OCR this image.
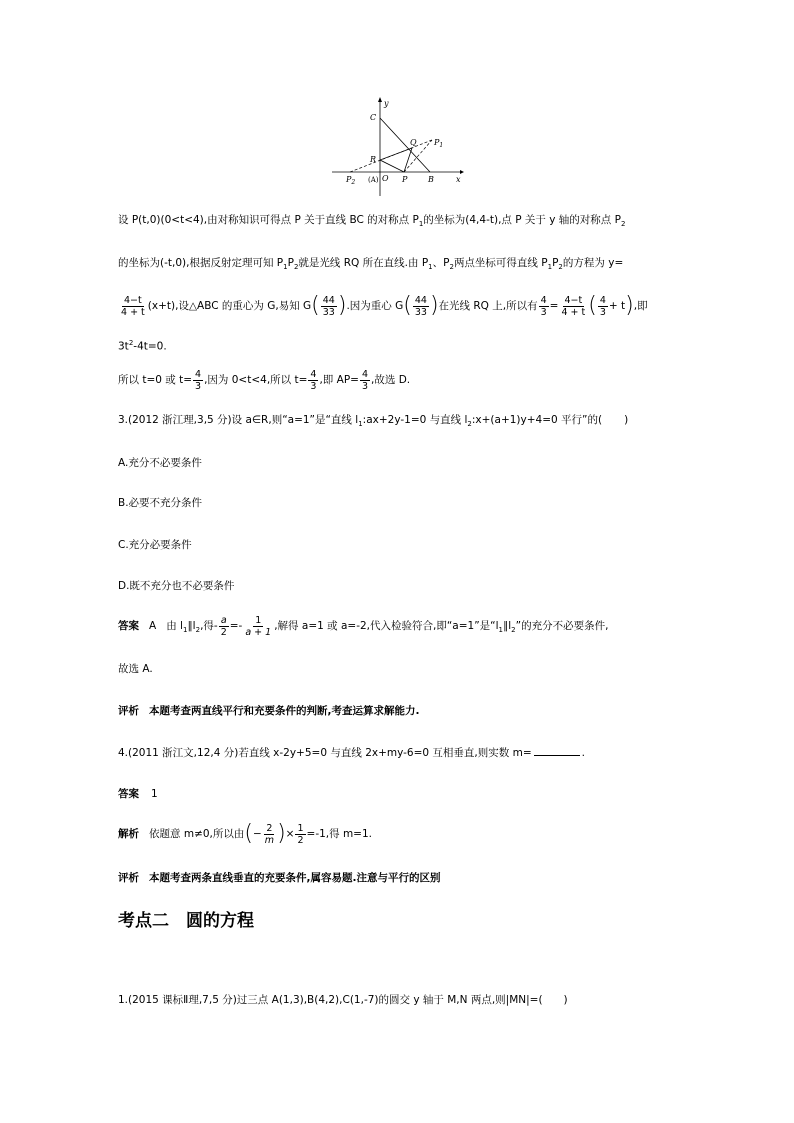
y
x
C
Q $P_1$
R
$P_2$ (A) O P	B
设 P(t,0)(0<t<4),由对称知识可得点 P 关于直线 BC 的对称点 $P_1$的坐标为(4,4-t),点 P 关于 y 轴的对称点 $P_2$
的坐标为(-t,0),根据反射定理可知 $P_1P_2$就是光线 RQ 所在直线.由 $P_1$、$P_2$两点坐标可得直线 $P_1P_2$的方程为 y=
$\frac{4-t}{4 + t} (x+t)$,设△ABC 的重心为 G,易知 $G( \frac{44}{33}$ ).因为重心 $G( \frac{44}{33}$ )在光线 RQ 上,所以有 $\frac{4}{3} = \frac{4-t}{4 + t}$ ( $\frac{4}{3} + t$),即
$3t^2-4t=0$.
所以 t=0 或 $t= \frac{4}{3}$ ,因为 0<t<4,所以 $t= \frac{4}{3}$ ,即 $AP= \frac{4}{3}$ ,故选 D.
3.(2012 浙江理,3,5 分)设 a∈R,则“a=1”是“直线 $l_1:ax+2y-1=0$ 与直线 $l_2:x+(a+1)y+4=0$ 平行”的( )
A.充分不必要条件
B.必要不充分条件
C.充分必要条件
D.既不充分也不必要条件
答案 A 由 $l_1\parallel l_2$,得- $\frac{a}{2} =- \frac{1}{a + 1}$ ,解得 a=1 或 a=-2,代入检验符合,即“a=1”是“$l_1\parallel l_2$”的充分不必要条件,
故选 A.
评析 本题考查两直线平行和充要条件的判断,考查运算求解能力.
4.(2011 浙江文,12,4 分)若直线 x-2y+5=0 与直线 2x+my-6=0 互相垂直,则实数 m=	.
答案 1
解析 依题意 m≠0,所以由(− $\frac{2}{m}$ )× $\frac{1}{2} =-1$,得 m=1.
评析 本题考查两条直线垂直的充要条件,属容易题.注意与平行的区别
考点二　圆的方程
1.(2015 课标Ⅱ理,7,5 分)过三点 A(1,3),B(4,2),C(1,-7)的圆交 y 轴于 M,N 两点,则|MN|=(　　)
